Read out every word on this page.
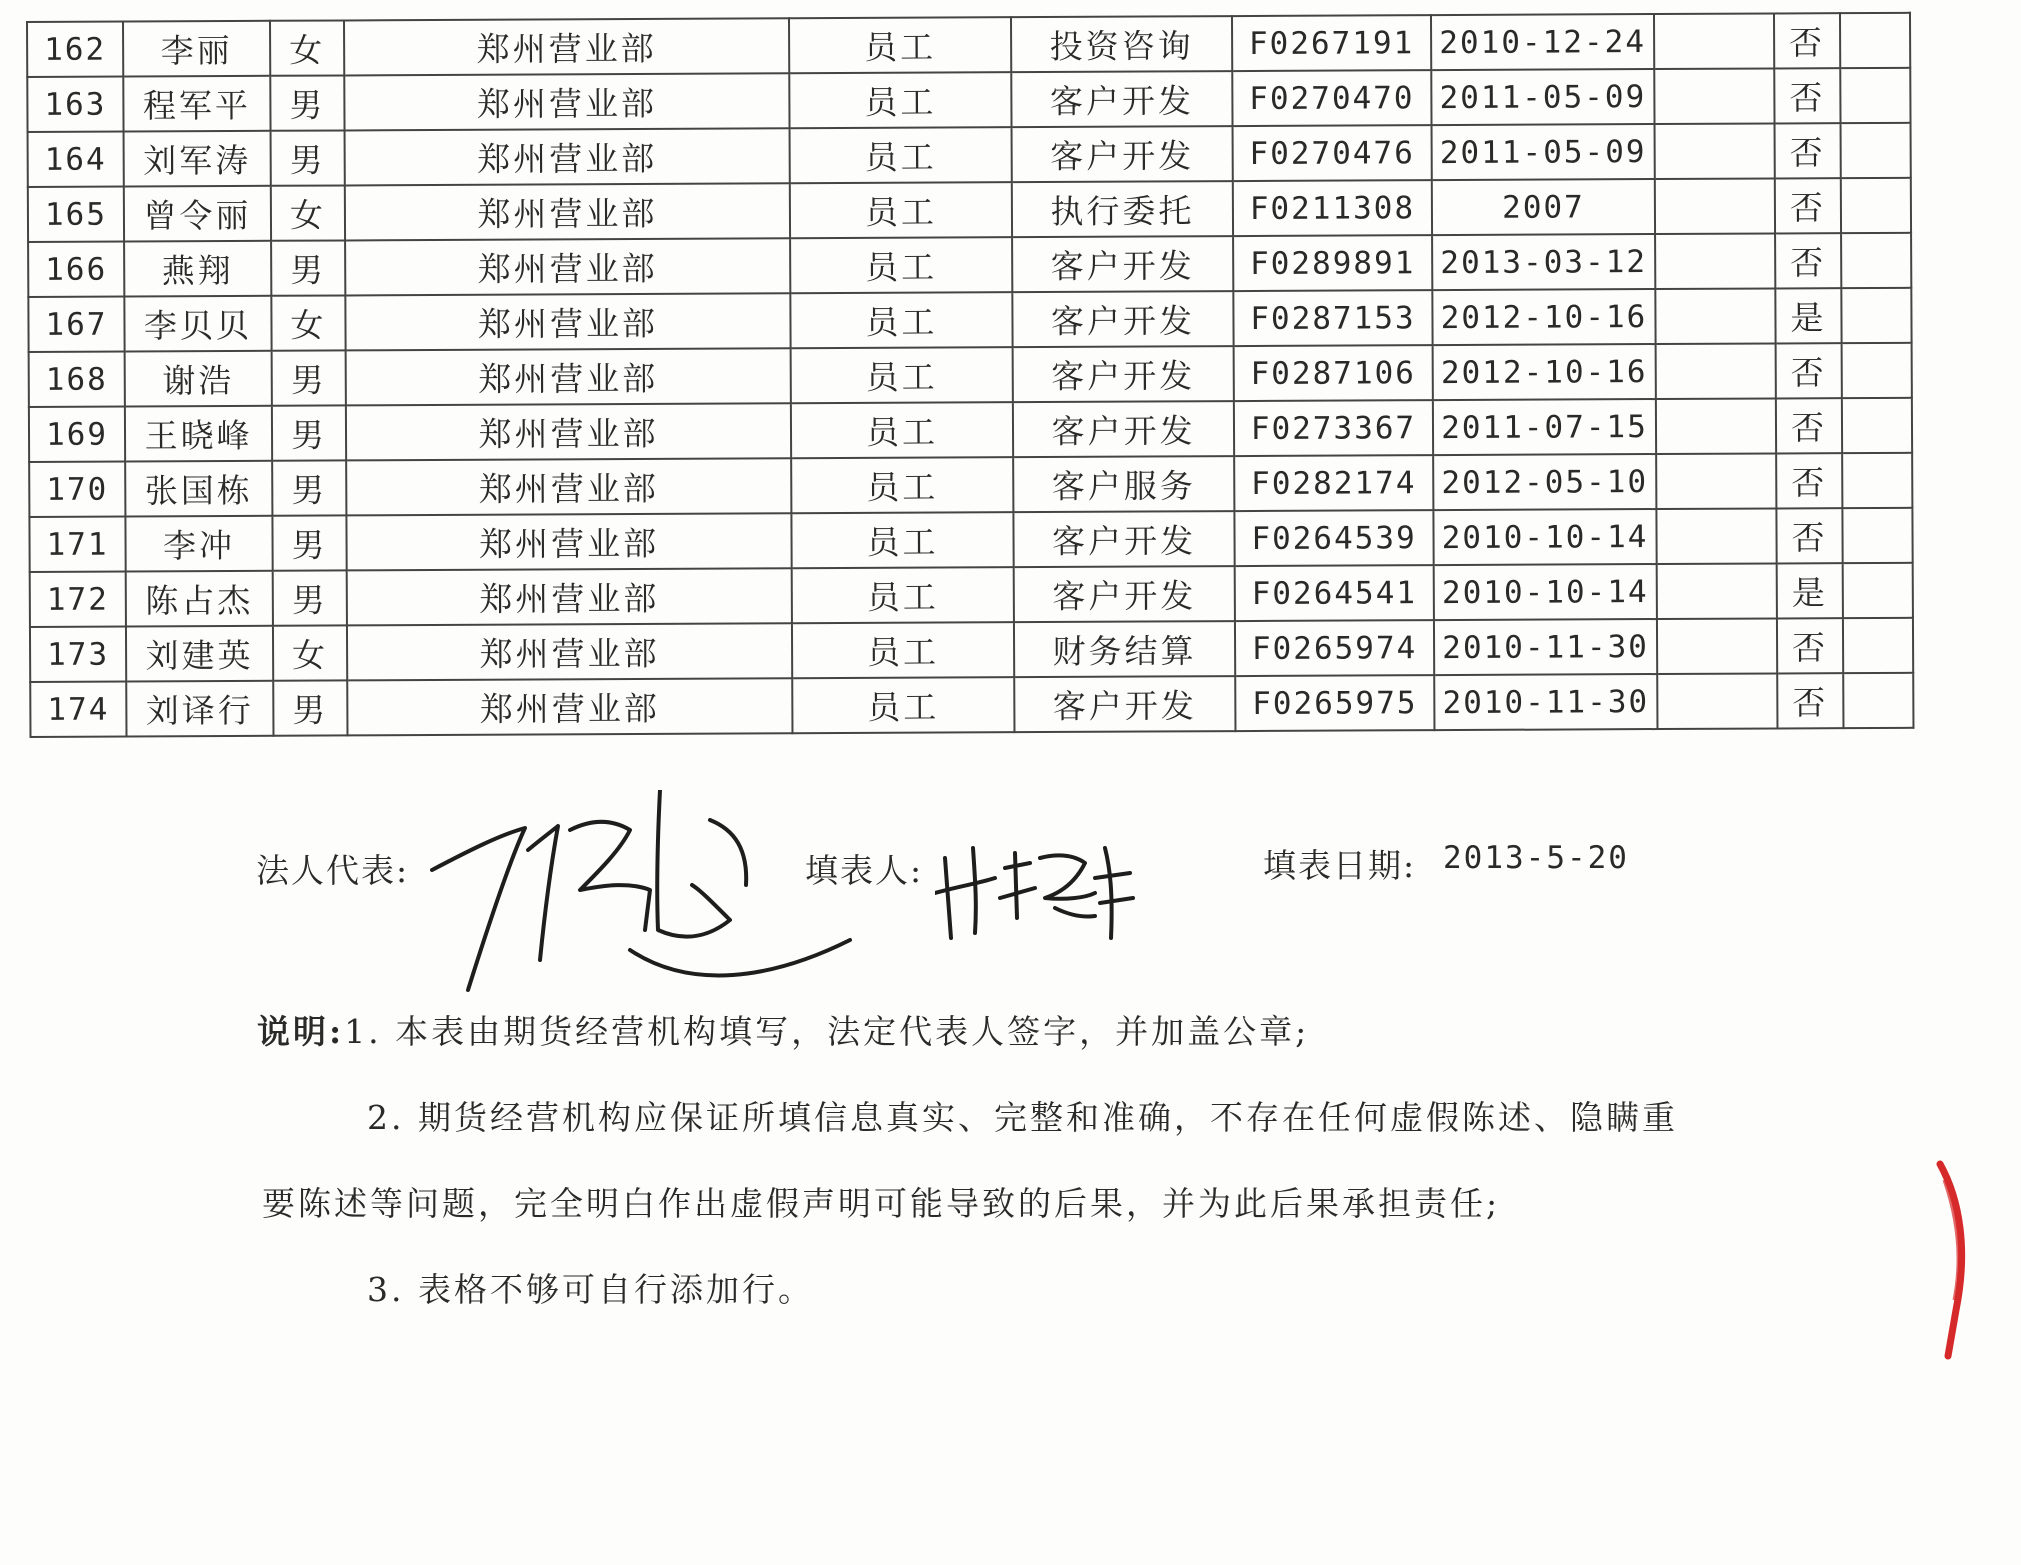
162	李丽	女	郑州营业部	员工	投资咨询	F0267191	2010-12-24		否	
163	程军平	男	郑州营业部	员工	客户开发	F0270470	2011-05-09		否	
164	刘军涛	男	郑州营业部	员工	客户开发	F0270476	2011-05-09		否	
165	曾令丽	女	郑州营业部	员工	执行委托	F0211308	2007		否	
166	燕翔	男	郑州营业部	员工	客户开发	F0289891	2013-03-12		否	
167	李贝贝	女	郑州营业部	员工	客户开发	F0287153	2012-10-16		是	
168	谢浩	男	郑州营业部	员工	客户开发	F0287106	2012-10-16		否	
169	王晓峰	男	郑州营业部	员工	客户开发	F0273367	2011-07-15		否	
170	张国栋	男	郑州营业部	员工	客户服务	F0282174	2012-05-10		否	
171	李冲	男	郑州营业部	员工	客户开发	F0264539	2010-10-14		否	
172	陈占杰	男	郑州营业部	员工	客户开发	F0264541	2010-10-14		是	
173	刘建英	女	郑州营业部	员工	财务结算	F0265974	2010-11-30		否	
174	刘译行	男	郑州营业部	员工	客户开发	F0265975	2010-11-30		否	
法人代表:	填表人:	填表日期: 2013-5-20
说明:1. 本表由期货经营机构填写，法定代表人签字，并加盖公章;
2. 期货经营机构应保证所填信息真实、完整和准确，不存在任何虚假陈述、隐瞒重
要陈述等问题，完全明白作出虚假声明可能导致的后果，并为此后果承担责任;
3. 表格不够可自行添加行。
